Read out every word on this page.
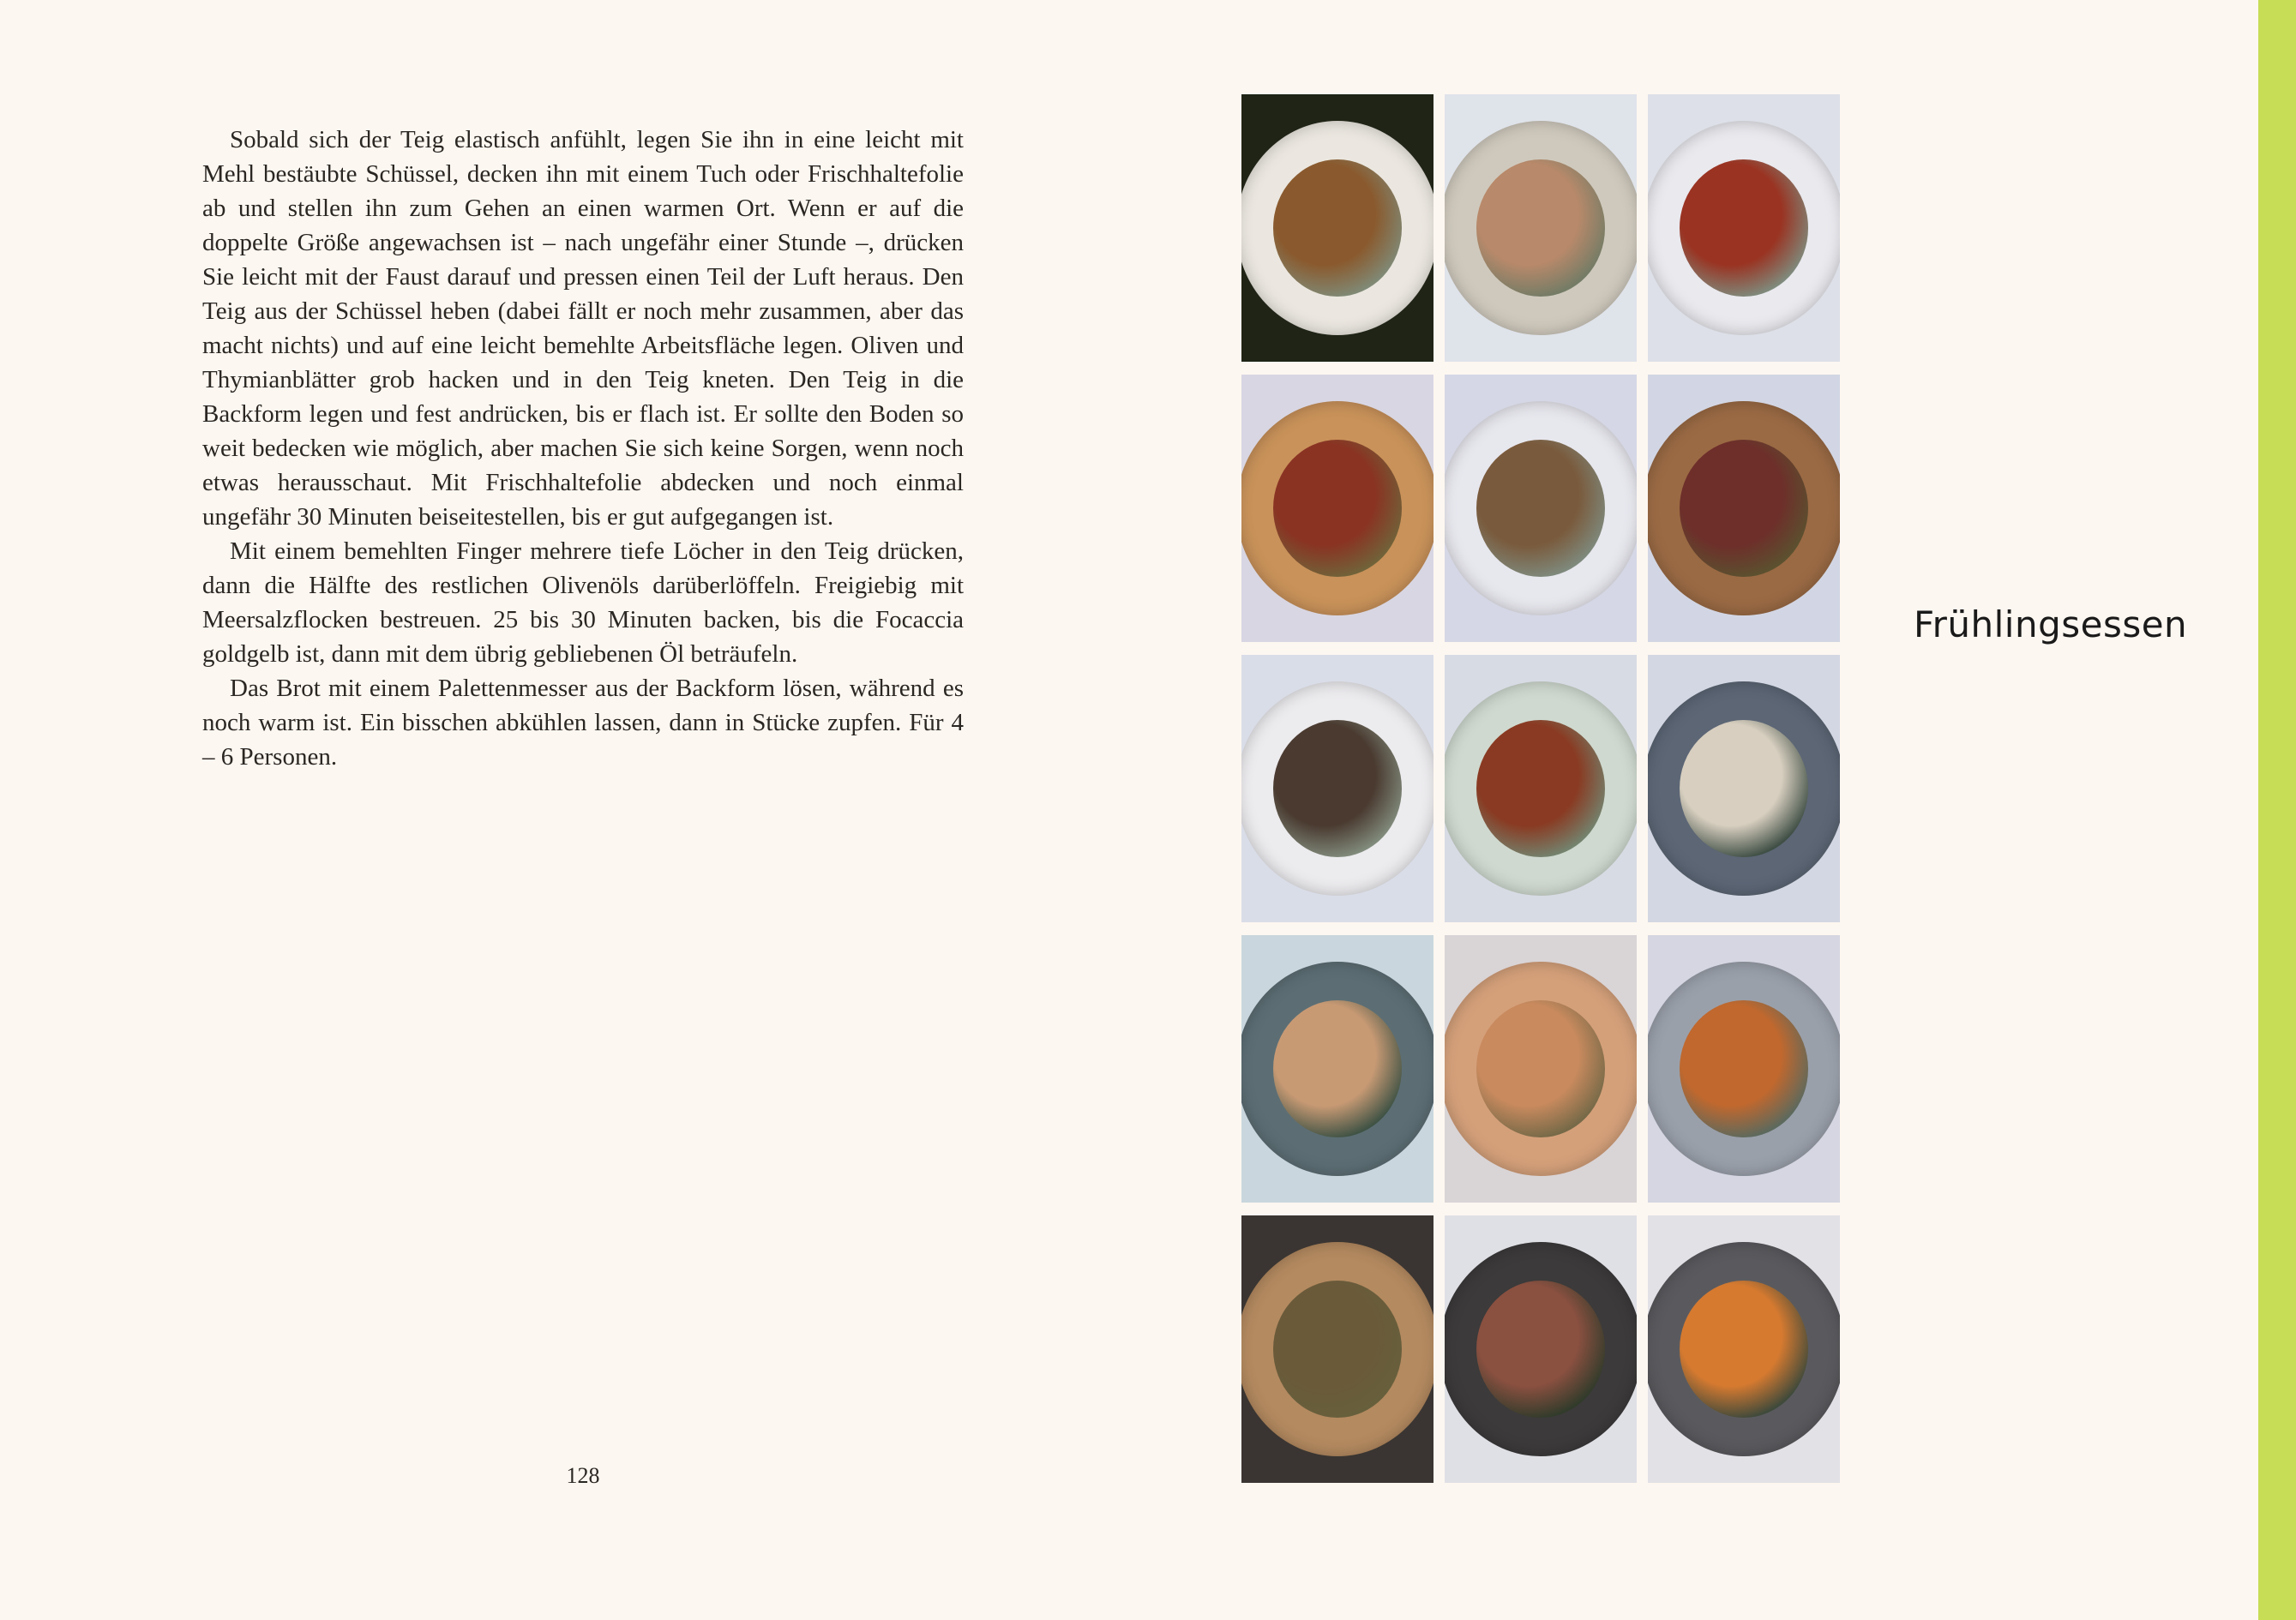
Sobald sich der Teig elastisch anfühlt, legen Sie ihn in eine leicht mit Mehl bestäubte Schüssel, decken ihn mit einem Tuch oder Frischhaltefolie ab und stellen ihn zum Gehen an einen warmen Ort. Wenn er auf die doppelte Größe angewachsen ist – nach ungefähr einer Stunde –, drücken Sie leicht mit der Faust darauf und pressen einen Teil der Luft heraus. Den Teig aus der Schüssel heben (dabei fällt er noch mehr zusammen, aber das macht nichts) und auf eine leicht bemehlte Arbeitsfläche legen. Oliven und Thymianblätter grob hacken und in den Teig kneten. Den Teig in die Backform legen und fest andrücken, bis er flach ist. Er sollte den Boden so weit bedecken wie möglich, aber machen Sie sich keine Sorgen, wenn noch etwas herausschaut. Mit Frischhaltefolie abdecken und noch einmal ungefähr 30 Minuten beiseitestellen, bis er gut aufgegangen ist.

Mit einem bemehlten Finger mehrere tiefe Löcher in den Teig drücken, dann die Hälfte des restlichen Olivenöls darüberlöffeln. Freigiebig mit Meersalzflocken bestreuen. 25 bis 30 Minuten backen, bis die Focaccia goldgelb ist, dann mit dem übrig gebliebenen Öl beträufeln.

Das Brot mit einem Palettenmesser aus der Backform lösen, während es noch warm ist. Ein bisschen abkühlen lassen, dann in Stücke zupfen. Für 4 – 6 Personen.

128
Frühlingsessen
